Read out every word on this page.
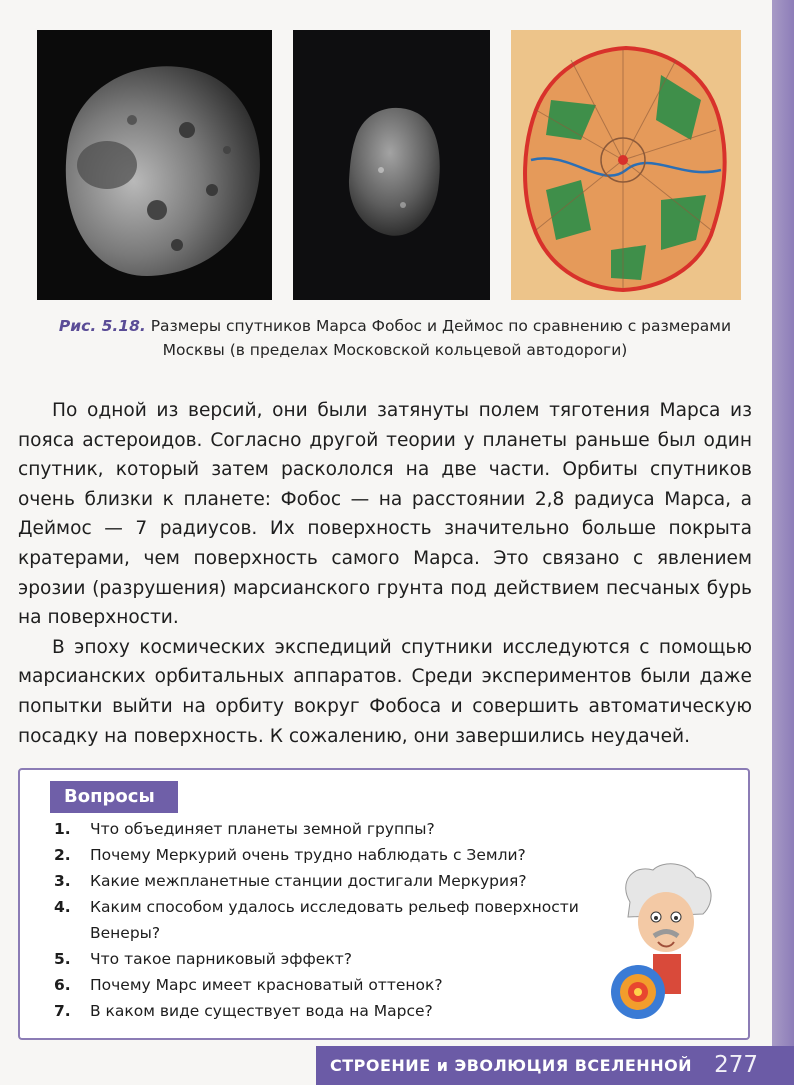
Рис. 5.18. Размеры спутников Марса Фобос и Деймос по сравнению с размерами
Москвы (в пределах Московской кольцевой автодороги)

По одной из версий, они были затянуты полем тяготения Марса из пояса астероидов. Согласно другой теории у планеты раньше был один спутник, который затем раскололся на две части. Орбиты спутников очень близки к планете: Фобос — на расстоянии 2,8 радиуса Марса, а Деймос — 7 радиусов. Их поверхность значительно больше покрыта кратерами, чем поверхность самого Марса. Это связано с явлением эрозии (разрушения) марсианского грунта под действием песчаных бурь на поверхности.

В эпоху космических экспедиций спутники исследуются с помощью марсианских орбитальных аппаратов. Среди экспериментов были даже попытки выйти на орбиту вокруг Фобоса и совершить автоматическую посадку на поверхность. К сожалению, они завершились неудачей.

Вопросы
1. Что объединяет планеты земной группы?
2. Почему Меркурий очень трудно наблюдать с Земли?
3. Какие межпланетные станции достигали Меркурия?
4. Каким способом удалось исследовать рельеф поверхности Венеры?
5. Что такое парниковый эффект?
6. Почему Марс имеет красноватый оттенок?
7. В каком виде существует вода на Марсе?
СТРОЕНИЕ и ЭВОЛЮЦИЯ ВСЕЛЕННОЙ 277
